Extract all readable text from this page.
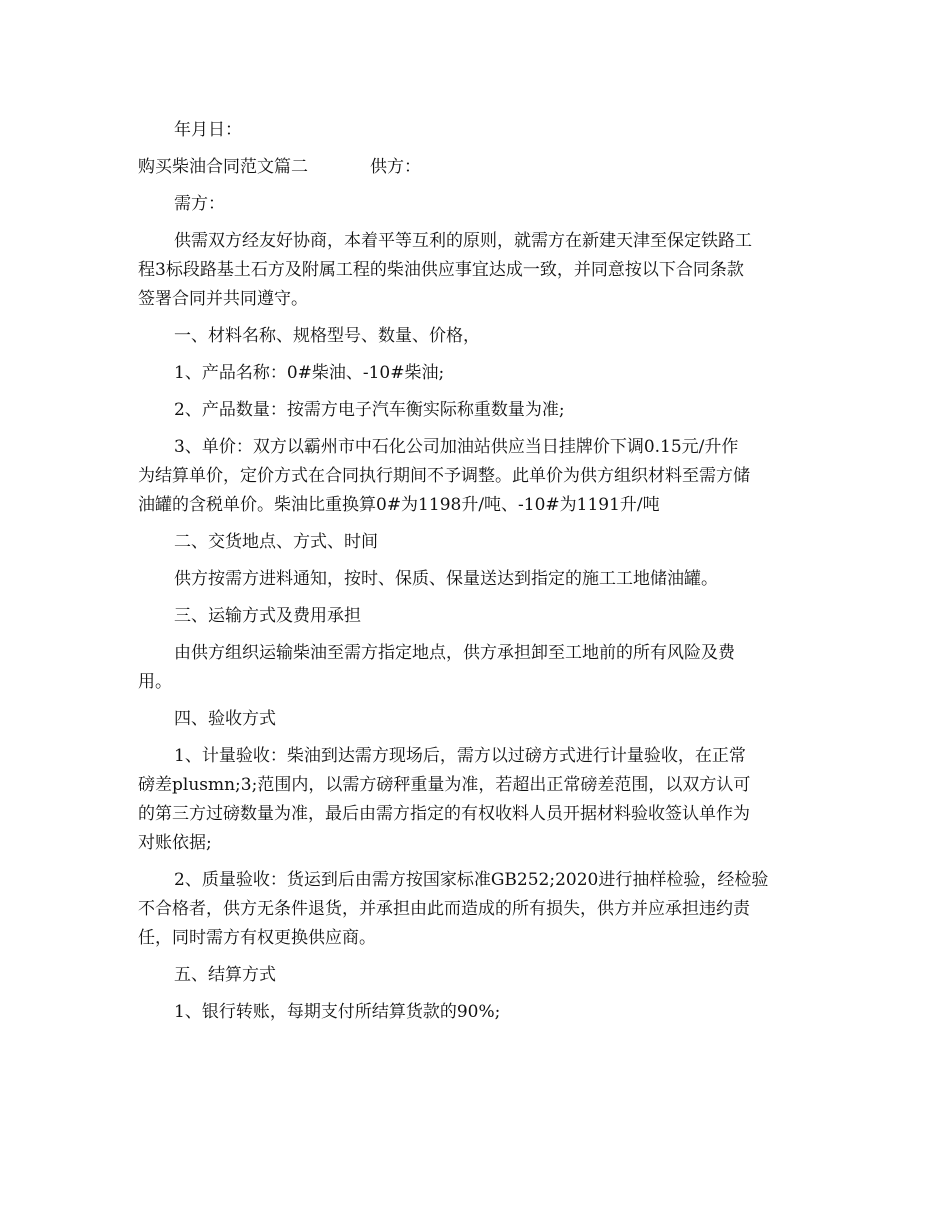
年月日：
购买柴油合同范文篇二	供方：
需方：
供需双方经友好协商，本着平等互利的原则，就需方在新建天津至保定铁路工
程3标段路基土石方及附属工程的柴油供应事宜达成一致，并同意按以下合同条款
签署合同并共同遵守。
一、材料名称、规格型号、数量、价格，
1、产品名称：0#柴油、-10#柴油;
2、产品数量：按需方电子汽车衡实际称重数量为准;
3、单价：双方以霸州市中石化公司加油站供应当日挂牌价下调0.15元/升作
为结算单价，定价方式在合同执行期间不予调整。此单价为供方组织材料至需方储
油罐的含税单价。柴油比重换算0#为1198升/吨、-10#为1191升/吨
二、交货地点、方式、时间
供方按需方进料通知，按时、保质、保量送达到指定的施工工地储油罐。
三、运输方式及费用承担
由供方组织运输柴油至需方指定地点，供方承担卸至工地前的所有风险及费
用。
四、验收方式
1、计量验收：柴油到达需方现场后，需方以过磅方式进行计量验收，在正常
磅差plusmn;3;范围内，以需方磅秤重量为准，若超出正常磅差范围，以双方认可
的第三方过磅数量为准，最后由需方指定的有权收料人员开据材料验收签认单作为
对账依据;
2、质量验收：货运到后由需方按国家标准GB252;2020进行抽样检验，经检验
不合格者，供方无条件退货，并承担由此而造成的所有损失，供方并应承担违约责
任，同时需方有权更换供应商。
五、结算方式
1、银行转账，每期支付所结算货款的90%;
